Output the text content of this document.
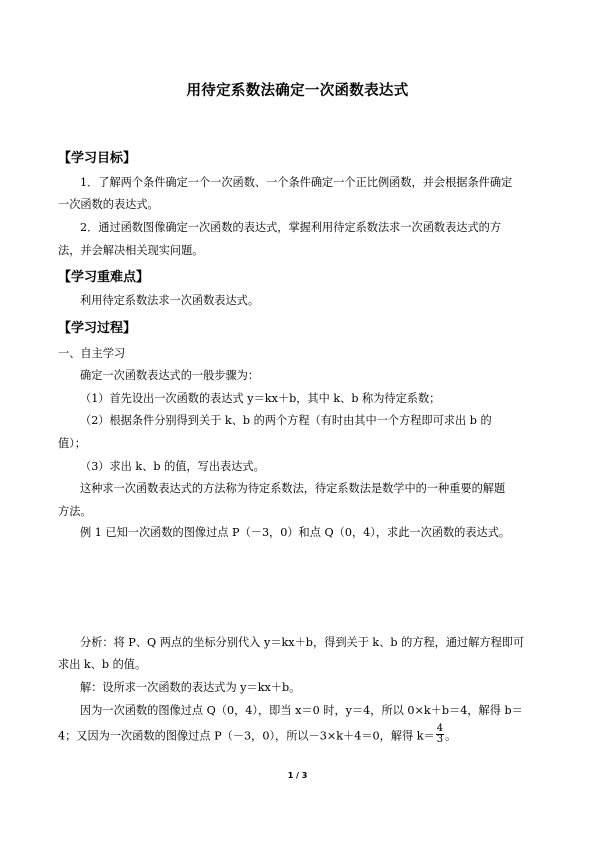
用待定系数法确定一次函数表达式
【学习目标】
1．了解两个条件确定一个一次函数、一个条件确定一个正比例函数，并会根据条件确定
一次函数的表达式。
2．通过函数图像确定一次函数的表达式，掌握利用待定系数法求一次函数表达式的方
法，并会解决相关现实问题。
【学习重难点】
利用待定系数法求一次函数表达式。
【学习过程】
一、自主学习
确定一次函数表达式的一般步骤为：
（1）首先设出一次函数的表达式 y＝kx＋b，其中 k、b 称为待定系数；
（2）根据条件分别得到关于 k、b 的两个方程（有时由其中一个方程即可求出 b 的
值）；
（3）求出 k、b 的值，写出表达式。
这种求一次函数表达式的方法称为待定系数法，待定系数法是数学中的一种重要的解题
方法。
例 1 已知一次函数的图像过点 P（－3，0）和点 Q（0，4），求此一次函数的表达式。
分析：将 P、Q 两点的坐标分别代入 y＝kx＋b，得到关于 k、b 的方程，通过解方程即可
求出 k、b 的值。
解：设所求一次函数的表达式为 y＝kx＋b。
因为一次函数的图像过点 Q（0，4），即当 x＝0 时，y＝4，所以 0×k＋b＝4，解得 b＝
4；又因为一次函数的图像过点 P（－3，0），所以－3×k＋4＝0，解得 $k= \frac{4}{3}$ 。
1 / 3
